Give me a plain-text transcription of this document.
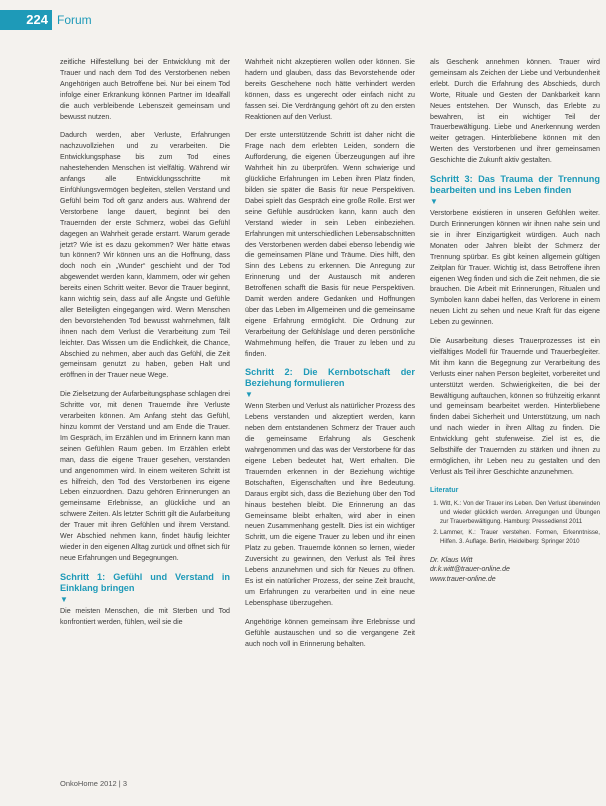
224 Forum

zeitliche Hilfestellung bei der Entwicklung mit der Trauer und nach dem Tod des Verstorbenen neben Angehörigen auch Betroffene bei. Nur bei einem Tod infolge einer Erkrankung können Partner im Idealfall die auch verbleibende Lebenszeit gemeinsam und bewusst nutzen.

Dadurch werden, aber Verluste, Erfahrungen nachzuvollziehen und zu verarbeiten. Die Entwicklungsphase bis zum Tod eines nahestehenden Menschen ist vielfältig. Während wir anfangs alle Entwicklungsschritte mit Einfühlungsvermögen begleiten, stellen Verstand und Gefühl beim Tod oft ganz anders aus. Während der Verstorbene lange dauert, beginnt bei den Trauernden der erste Schmerz, wobei das Gefühl dagegen an Wahrheit gerade erstarrt. Warum gerade jetzt? Wie ist es dazu gekommen? Wer hätte etwas tun können? Wir können uns an die Hoffnung, dass doch noch ein „Wunder“ geschieht und der Tod abgewendet werden kann, klammern, oder wir gehen bereits einen Schritt weiter. Bevor die Trauer beginnt, kann wichtig sein, dass auf alle Ängste und Gefühle aller Beteiligten eingegangen wird. Wenn Menschen den bevorstehenden Tod bewusst wahrnehmen, fällt ihnen nach dem Verlust die Verarbeitung zum Teil leichter. Das Wissen um die Endlichkeit, die Chance, Abschied zu nehmen, aber auch das Gefühl, die Zeit gemeinsam genutzt zu haben, geben Halt und eröffnen in der Trauer neue Wege.

Die Zielsetzung der Aufarbeitungsphase schlagen drei Schritte vor, mit denen Trauernde ihre Verluste verarbeiten können. Am Anfang steht das Gefühl, hinzu kommt der Verstand und am Ende die Trauer. Im Gespräch, im Erzählen und im Erinnern kann man seinen Gefühlen Raum geben. Im Erzählen erlebt man, dass die eigene Trauer gesehen, verstanden und angenommen wird. In einem weiteren Schritt ist es hilfreich, den Tod des Verstorbenen ins eigene Leben einzuordnen. Dazu gehören Erinnerungen an gemeinsame Erlebnisse, an glückliche und an schwere Zeiten. Als letzter Schritt gilt die Aufarbeitung der Trauer mit ihren Gefühlen und ihrem Verstand. Wer Abschied nehmen kann, findet häufig leichter wieder in den eigenen Alltag zurück und öffnet sich für neue Erfahrungen und Begegnungen.

Schritt 1: Gefühl und Verstand in Einklang bringen
▼

Die meisten Menschen, die mit Sterben und Tod konfrontiert werden, fühlen, weil sie die

Wahrheit nicht akzeptieren wollen oder können. Sie hadern und glauben, dass das Bevorstehende oder bereits Geschehene noch hätte verhindert werden können, dass es ungerecht oder einfach nicht zu fassen sei. Die Verdrängung gehört oft zu den ersten Reaktionen auf den Verlust.

Der erste unterstützende Schritt ist daher nicht die Frage nach dem erlebten Leiden, sondern die Aufforderung, die eigenen Überzeugungen auf ihre Wahrheit hin zu überprüfen. Wenn schwierige und glückliche Erfahrungen im Leben ihren Platz finden, bilden sie später die Basis für neue Perspektiven. Dabei spielt das Gespräch eine große Rolle. Erst wer seine Gefühle ausdrücken kann, kann auch den Verstand wieder in sein Leben einbeziehen. Erfahrungen mit unterschiedlichen Lebensabschnitten des Verstorbenen werden dabei ebenso lebendig wie die gemeinsamen Pläne und Träume. Dies hilft, den Sinn des Lebens zu erkennen. Die Anregung zur Erinnerung und der Austausch mit anderen Betroffenen schafft die Basis für neue Perspektiven. Damit werden andere Gedanken und Hoffnungen über das Leben im Allgemeinen und die gemeinsame eigene Erfahrung ermöglicht. Die Ordnung zur Verarbeitung der Gefühlslage und deren persönliche Wahrnehmung helfen, die Trauer zu leben und zu finden.

Schritt 2: Die Kernbotschaft der Beziehung formulieren
▼

Wenn Sterben und Verlust als natürlicher Prozess des Lebens verstanden und akzeptiert werden, kann neben dem entstandenen Schmerz der Trauer auch die gemeinsame Erfahrung als Geschenk wahrgenommen und das was der Verstorbene für das eigene Leben bedeutet hat, Wert erhalten. Die Trauernden erkennen in der Beziehung wichtige Botschaften, Eigenschaften und ihre Bedeutung. Daraus ergibt sich, dass die Beziehung über den Tod hinaus bestehen bleibt. Die Erinnerung an das Gemeinsame bleibt erhalten, wird aber in einen neuen Zusammenhang gestellt. Dies ist ein wichtiger Schritt, um die eigene Trauer zu leben und ihr einen Platz zu geben. Trauernde können so lernen, wieder Zuversicht zu gewinnen, den Verlust als Teil ihres Lebens anzunehmen und sich für Neues zu öffnen. Es ist ein natürlicher Prozess, der seine Zeit braucht, um Erfahrungen zu verarbeiten und in eine neue Lebensphase überzugehen.

Angehörige können gemeinsam ihre Erlebnisse und Gefühle austauschen und so die vergangene Zeit auch noch voll in Erinnerung behalten.

als Geschenk annehmen können. Trauer wird gemeinsam als Zeichen der Liebe und Verbundenheit erlebt. Durch die Erfahrung des Abschieds, durch Worte, Rituale und Gesten der Dankbarkeit kann Neues entstehen. Der Wunsch, das Erlebte zu bewahren, ist ein wichtiger Teil der Trauerbewältigung. Liebe und Anerkennung werden weiter getragen. Hinterbliebene können mit den Werten des Verstorbenen und ihrer gemeinsamen Geschichte die Zukunft aktiv gestalten.

Schritt 3: Das Trauma der Trennung bearbeiten und ins Leben finden
▼

Verstorbene existieren in unseren Gefühlen weiter. Durch Erinnerungen können wir ihnen nahe sein und sie in ihrer Einzigartigkeit würdigen. Auch nach Monaten oder Jahren bleibt der Schmerz der Trennung spürbar. Es gibt keinen allgemein gültigen Zeitplan für Trauer. Wichtig ist, dass Betroffene ihren eigenen Weg finden und sich die Zeit nehmen, die sie brauchen. Die Arbeit mit Erinnerungen, Ritualen und Symbolen kann dabei helfen, das Verlorene in einem neuen Licht zu sehen und neue Kraft für das eigene Leben zu gewinnen.

Die Ausarbeitung dieses Trauerprozesses ist ein vielfältiges Modell für Trauernde und Trauerbegleiter. Mit ihm kann die Begegnung zur Verarbeitung des Verlusts einer nahen Person begleitet, vorbereitet und unterstützt werden. Schwierigkeiten, die bei der Bewältigung auftauchen, können so frühzeitig erkannt und gemeinsam bearbeitet werden. Hinterbliebene finden dabei Sicherheit und Unterstützung, um nach und nach wieder in ihren Alltag zu finden. Die Entwicklung geht stufenweise. Ziel ist es, die Selbsthilfe der Trauernden zu stärken und ihnen zu ermöglichen, ihr Leben neu zu gestalten und den Verlust als Teil ihrer Geschichte anzunehmen.

Literatur
1. Witt, K.: Von der Trauer ins Leben. Den Verlust überwinden und wieder glücklich werden. Anregungen und Übungen zur Trauerbewältigung. Hamburg: Pressedienst 2011
2. Lammer, K.: Trauer verstehen. Formen, Erkenntnisse, Hilfen. 3. Auflage. Berlin, Heidelberg: Springer 2010
Dr. Klaus Witt
dr.k.witt@trauer-online.de
www.trauer-online.de
OnkoHome 2012 | 3
